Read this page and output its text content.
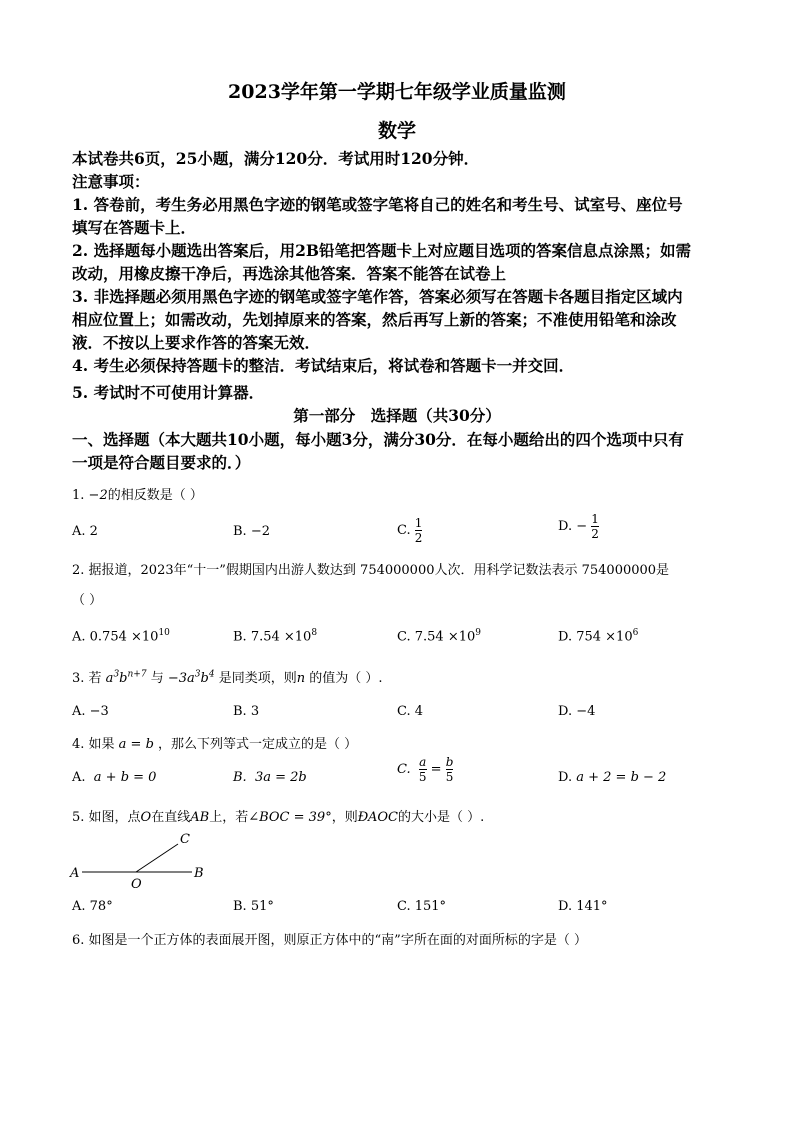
2023学年第一学期七年级学业质量监测
数学
本试卷共6页，25小题，满分120分．考试用时120分钟．
注意事项：
1. 答卷前，考生务必用黑色字迹的钢笔或签字笔将自己的姓名和考生号、试室号、座位号
填写在答题卡上．
2. 选择题每小题选出答案后，用2B铅笔把答题卡上对应题目选项的答案信息点涂黑；如需
改动，用橡皮擦干净后，再选涂其他答案．答案不能答在试卷上
3. 非选择题必须用黑色字迹的钢笔或签字笔作答，答案必须写在答题卡各题目指定区域内
相应位置上；如需改动，先划掉原来的答案，然后再写上新的答案；不准使用铅笔和涂改
液．不按以上要求作答的答案无效．
4. 考生必须保持答题卡的整洁．考试结束后，将试卷和答题卡一并交回．
5. 考试时不可使用计算器．
第一部分　选择题（共30分）
一、选择题（本大题共10小题，每小题3分，满分30分．在每小题给出的四个选项中只有
一项是符合题目要求的．）
1. −2的相反数是（ ）
A. 2	B. −2	C. $\frac{1}{2}$	D. − $\frac{1}{2}$
2. 据报道，2023年“十一”假期国内出游人数达到 754000000人次．用科学记数法表示 754000000是
（ ）
A. $0.754 \times 10^{10}$	B. $7.54 \times 10^8$	C. $7.54 \times 10^9$	D. $754 \times 10^6$
3. 若 $a^3b^{n+7}$ 与 $-3a^3b^4$ 是同类项，则n 的值为（ ）.
A. −3	B. 3	C. 4	D. −4
4. 如果 a = b ，那么下列等式一定成立的是（ ）
A. a + b = 0	B. 3a = 2b
C. $\frac{a}{5} = \frac{b}{5}$	D. a + 2 = b − 2
5. 如图，点O在直线AB上，若∠BOC = 39°，则ÐAOC的大小是（ ）.
A	B
C
O
A. 78°	B. 51°	C. 151°	D. 141°
6. 如图是一个正方体的表面展开图，则原正方体中的“南”字所在面的对面所标的字是（ ）
